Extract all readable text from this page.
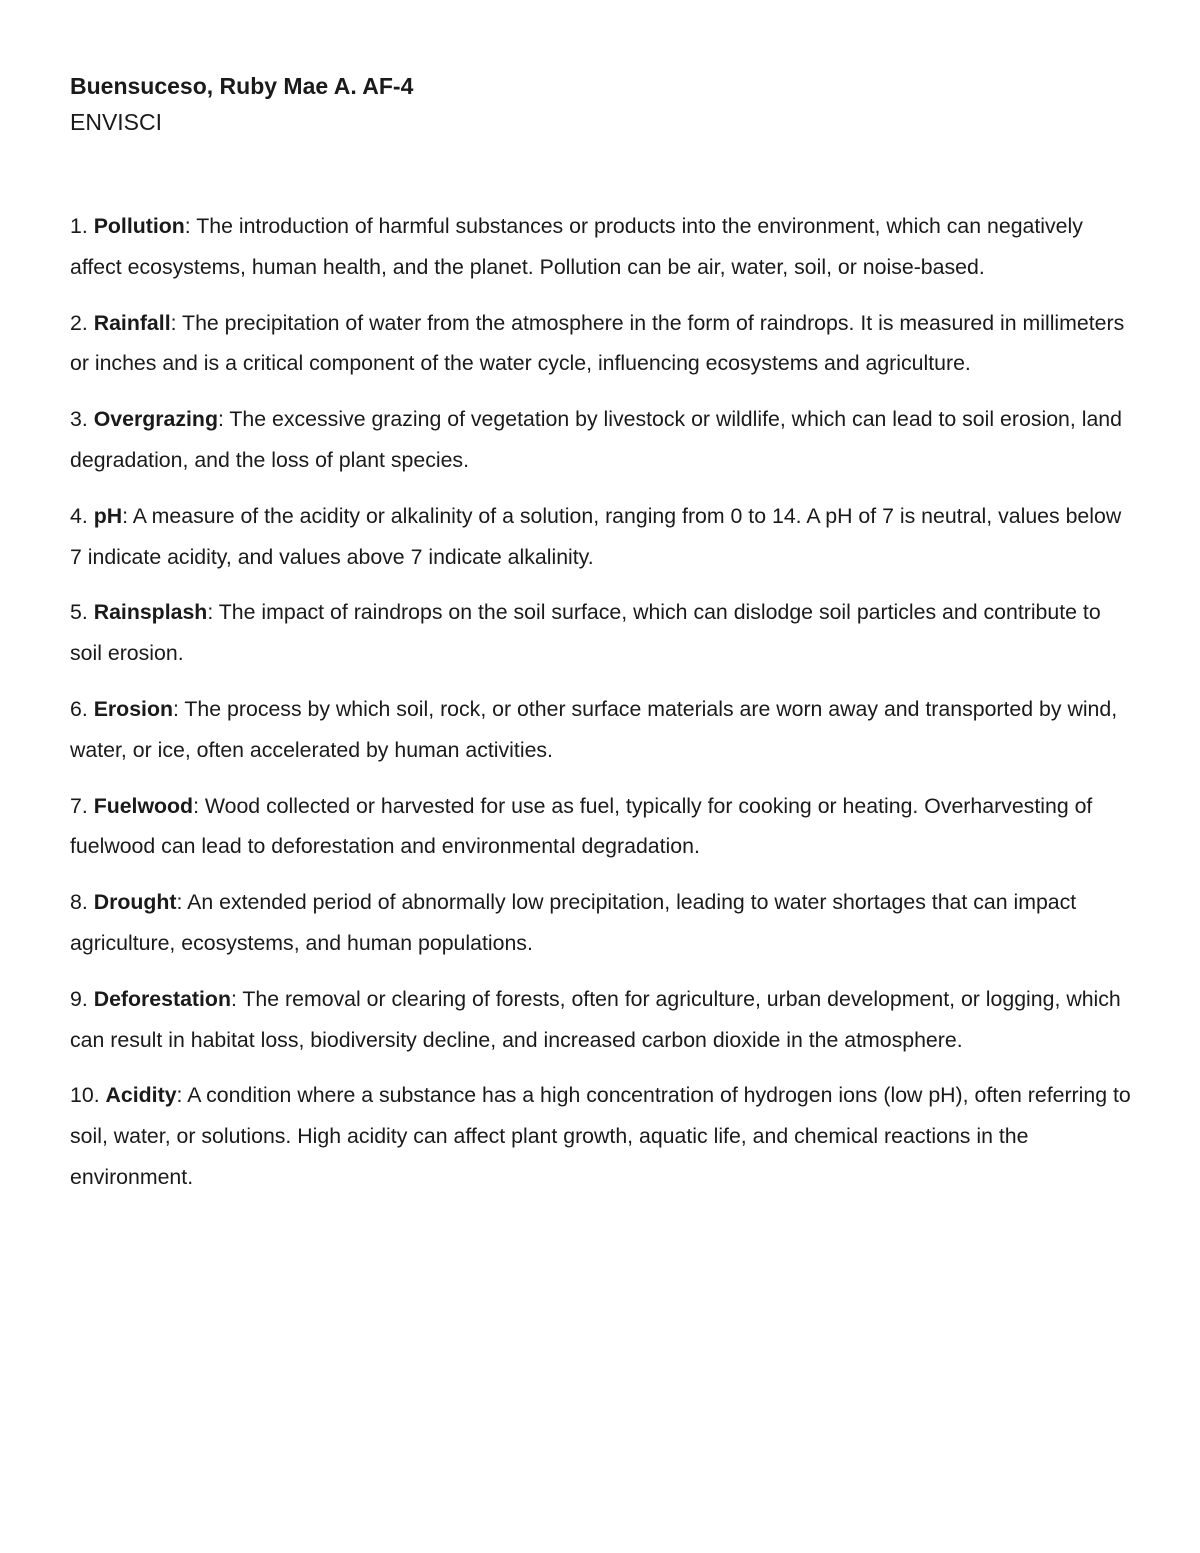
Buensuceso, Ruby Mae A. AF-4

ENVISCI

1. Pollution: The introduction of harmful substances or products into the environment, which can negatively affect ecosystems, human health, and the planet. Pollution can be air, water, soil, or noise-based.

2. Rainfall: The precipitation of water from the atmosphere in the form of raindrops. It is measured in millimeters or inches and is a critical component of the water cycle, influencing ecosystems and agriculture.

3. Overgrazing: The excessive grazing of vegetation by livestock or wildlife, which can lead to soil erosion, land degradation, and the loss of plant species.

4. pH: A measure of the acidity or alkalinity of a solution, ranging from 0 to 14. A pH of 7 is neutral, values below 7 indicate acidity, and values above 7 indicate alkalinity.

5. Rainsplash: The impact of raindrops on the soil surface, which can dislodge soil particles and contribute to soil erosion.

6. Erosion: The process by which soil, rock, or other surface materials are worn away and transported by wind, water, or ice, often accelerated by human activities.

7. Fuelwood: Wood collected or harvested for use as fuel, typically for cooking or heating. Overharvesting of fuelwood can lead to deforestation and environmental degradation.

8. Drought: An extended period of abnormally low precipitation, leading to water shortages that can impact agriculture, ecosystems, and human populations.

9. Deforestation: The removal or clearing of forests, often for agriculture, urban development, or logging, which can result in habitat loss, biodiversity decline, and increased carbon dioxide in the atmosphere.

10. Acidity: A condition where a substance has a high concentration of hydrogen ions (low pH), often referring to soil, water, or solutions. High acidity can affect plant growth, aquatic life, and chemical reactions in the environment.
